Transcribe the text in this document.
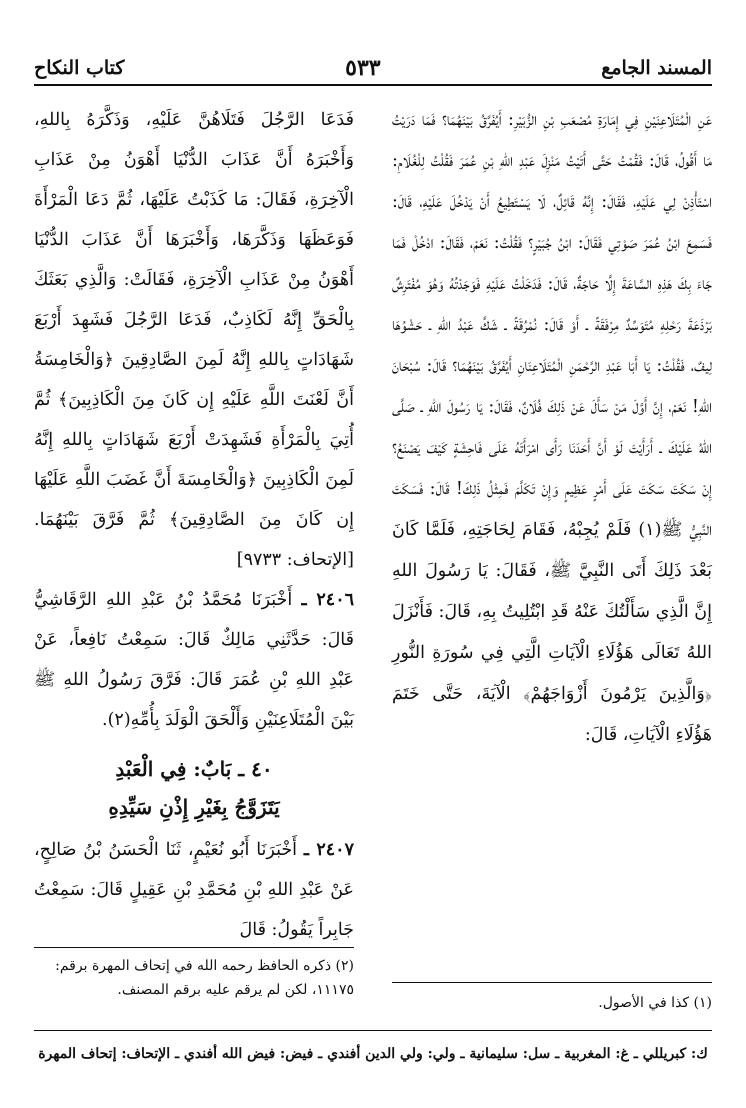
المسند الجامع
٥٣٣
كتاب النكاح

عَنِ الْمُتَلَاعِنَيْنِ فِي إِمَارَةِ مُصْعَبِ بْنِ الزُّبَيْرِ: أَيُفَرَّقُ بَيْنَهُمَا؟ فَمَا دَرَيْتُ مَا أَقُولُ، قَالَ: فَقُمْتُ حَتَّى أَتَيْتُ مَنْزِلَ عَبْدِ اللهِ بْنِ عُمَرَ فَقُلْتُ لِلْغُلَامِ: اسْتَأْذِنْ لِي عَلَيْهِ، فَقَالَ: إِنَّهُ قَائِلٌ، لَا يَسْتَطِيعُ أَنْ يَدْخُلَ عَلَيْهِ، قَالَ: فَسَمِعَ ابْنُ عُمَرَ صَوْتِي فَقَالَ: ابْنُ جُبَيْرٍ؟ فَقُلْتُ: نَعَمْ، فَقَالَ: ادْخُلْ فَمَا جَاءَ بِكَ هَذِهِ السَّاعَةَ إِلَّا حَاجَةٌ، قَالَ: فَدَخَلْتُ عَلَيْهِ فَوَجَدْتُهُ وَهُوَ مُفْتَرِشٌ بَرْذَعَةَ رَحْلِهِ مُتَوَسِّدٌ مِرْفَقَةً ـ أَوْ قَالَ: نُمْرُقَةً ـ شَكَّ عَبْدُ اللهِ ـ حَشْوُهَا لِيفٌ، فَقُلْتُ: يَا أَبَا عَبْدِ الرَّحْمَنِ الْمُتَلَاعِنَانِ أَيُفَرَّقُ بَيْنَهُمَا؟ قَالَ: سُبْحَانَ اللهِ! نَعَمْ، إِنَّ أَوَّلَ مَنْ سَأَلَ عَنْ ذَلِكَ فُلَانٌ، فَقَالَ: يَا رَسُولَ اللهِ ـ صَلَّى اللهُ عَلَيْكَ ـ أَرَأَيْتَ لَوْ أَنَّ أَحَدَنَا رَأَى امْرَأَتَهُ عَلَى فَاحِشَةٍ كَيْفَ يَصْنَعُ؟ إِنْ سَكَتَ سَكَتَ عَلَى أَمْرٍ عَظِيمٍ وَإِنْ تَكَلَّمَ فَمِثْلُ ذَلِكَ! قَالَ: فَسَكَتَ النَّبِيُّ ﷺ(١) فَلَمْ يُجِبْهُ، فَقَامَ لِحَاجَتِهِ، فَلَمَّا كَانَ بَعْدَ ذَلِكَ أَتَى النَّبِيَّ ﷺ، فَقَالَ: يَا رَسُولَ اللهِ إِنَّ الَّذِي سَأَلْتُكَ عَنْهُ قَدِ ابْتُلِيتُ بِهِ، قَالَ: فَأَنْزَلَ اللهُ تَعَالَى هَؤُلَاءِ الْآيَاتِ الَّتِي فِي سُورَةِ النُّورِ ﴿وَالَّذِينَ يَرْمُونَ أَزْوَاجَهُمْ﴾ الْآيَةَ، حَتَّى خَتَمَ هَؤُلَاءِ الْآيَاتِ، قَالَ:

فَدَعَا الرَّجُلَ فَتَلَاهُنَّ عَلَيْهِ، وَذَكَّرَهُ بِاللهِ، وَأَخْبَرَهُ أَنَّ عَذَابَ الدُّنْيَا أَهْوَنُ مِنْ عَذَابِ الْآخِرَةِ، فَقَالَ: مَا كَذَبْتُ عَلَيْهَا، ثُمَّ دَعَا الْمَرْأَةَ فَوَعَظَهَا وَذَكَّرَهَا، وَأَخْبَرَهَا أَنَّ عَذَابَ الدُّنْيَا أَهْوَنُ مِنْ عَذَابِ الْآخِرَةِ، فَقَالَتْ: وَالَّذِي بَعَثَكَ بِالْحَقِّ إِنَّهُ لَكَاذِبٌ، فَدَعَا الرَّجُلَ فَشَهِدَ أَرْبَعَ شَهَادَاتٍ بِاللهِ إِنَّهُ لَمِنَ الصَّادِقِينَ ﴿وَالْخَامِسَةُ أَنَّ لَعْنَتَ اللَّهِ عَلَيْهِ إِن كَانَ مِنَ الْكَاذِبِينَ﴾ ثُمَّ أُتِيَ بِالْمَرْأَةِ فَشَهِدَتْ أَرْبَعَ شَهَادَاتٍ بِاللهِ إِنَّهُ لَمِنَ الْكَاذِبِينَ ﴿وَالْخَامِسَةَ أَنَّ غَضَبَ اللَّهِ عَلَيْهَا إِن كَانَ مِنَ الصَّادِقِينَ﴾ ثُمَّ فَرَّقَ بَيْنَهُمَا. [الإتحاف: ٩٧٣٣]

٢٤٠٦ ـ أَخْبَرَنَا مُحَمَّدُ بْنُ عَبْدِ اللهِ الرَّقَاشِيُّ قَالَ: حَدَّثَنِي مَالِكٌ قَالَ: سَمِعْتُ نَافِعاً، عَنْ عَبْدِ اللهِ بْنِ عُمَرَ قَالَ: فَرَّقَ رَسُولُ اللهِ ﷺ بَيْنَ الْمُتَلَاعِنَيْنِ وَأَلْحَقَ الْوَلَدَ بِأُمِّهِ(٢).

٤٠ ـ بَابٌ: فِي الْعَبْدِ
يَتَزَوَّجُ بِغَيْرِ إِذْنِ سَيِّدِهِ

٢٤٠٧ ـ أَخْبَرَنَا أَبُو نُعَيْمٍ، ثَنَا الْحَسَنُ بْنُ صَالِحٍ، عَنْ عَبْدِ اللهِ بْنِ مُحَمَّدِ بْنِ عَقِيلٍ قَالَ: سَمِعْتُ جَابِراً يَقُولُ: قَالَ

(١) كذا في الأصول.
(٢) ذكره الحافظ رحمه الله في إتحاف المهرة برقم: ١١١٧٥، لكن لم يرقم عليه برقم المصنف.
ك: كبريللي ـ غ: المغربية ـ سل: سليمانية ـ ولي: ولي الدين أفندي ـ فيض: فيض الله أفندي ـ الإتحاف: إتحاف المهرة
